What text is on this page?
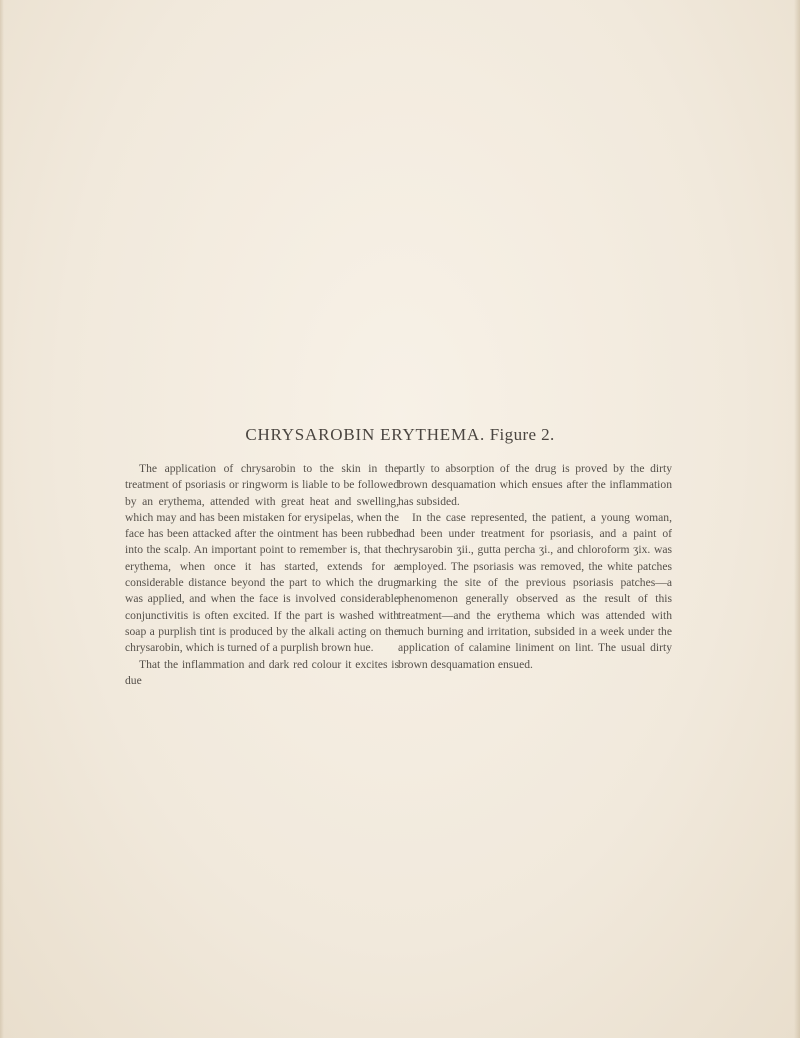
CHRYSAROBIN ERYTHEMA. Figure 2.

The application of chrysarobin to the skin in the treatment of psoriasis or ringworm is liable to be followed by an erythema, attended with great heat and swelling, which may and has been mistaken for erysipelas, when the face has been attacked after the ointment has been rubbed into the scalp. An important point to remember is, that the erythema, when once it has started, extends for a considerable distance beyond the part to which the drug was applied, and when the face is involved considerable conjunctivitis is often excited. If the part is washed with soap a purplish tint is produced by the alkali acting on the chrysarobin, which is turned of a purplish brown hue.

That the inflammation and dark red colour it excites is due

partly to absorption of the drug is proved by the dirty brown desquamation which ensues after the inflammation has subsided.

In the case represented, the patient, a young woman, had been under treatment for psoriasis, and a paint of chrysarobin ʒii., gutta percha ʒi., and chloroform ʒix. was employed. The psoriasis was removed, the white patches marking the site of the previous psoriasis patches—a phenomenon generally observed as the result of this treatment—and the erythema which was attended with much burning and irritation, subsided in a week under the application of calamine liniment on lint. The usual dirty brown desquamation ensued.
